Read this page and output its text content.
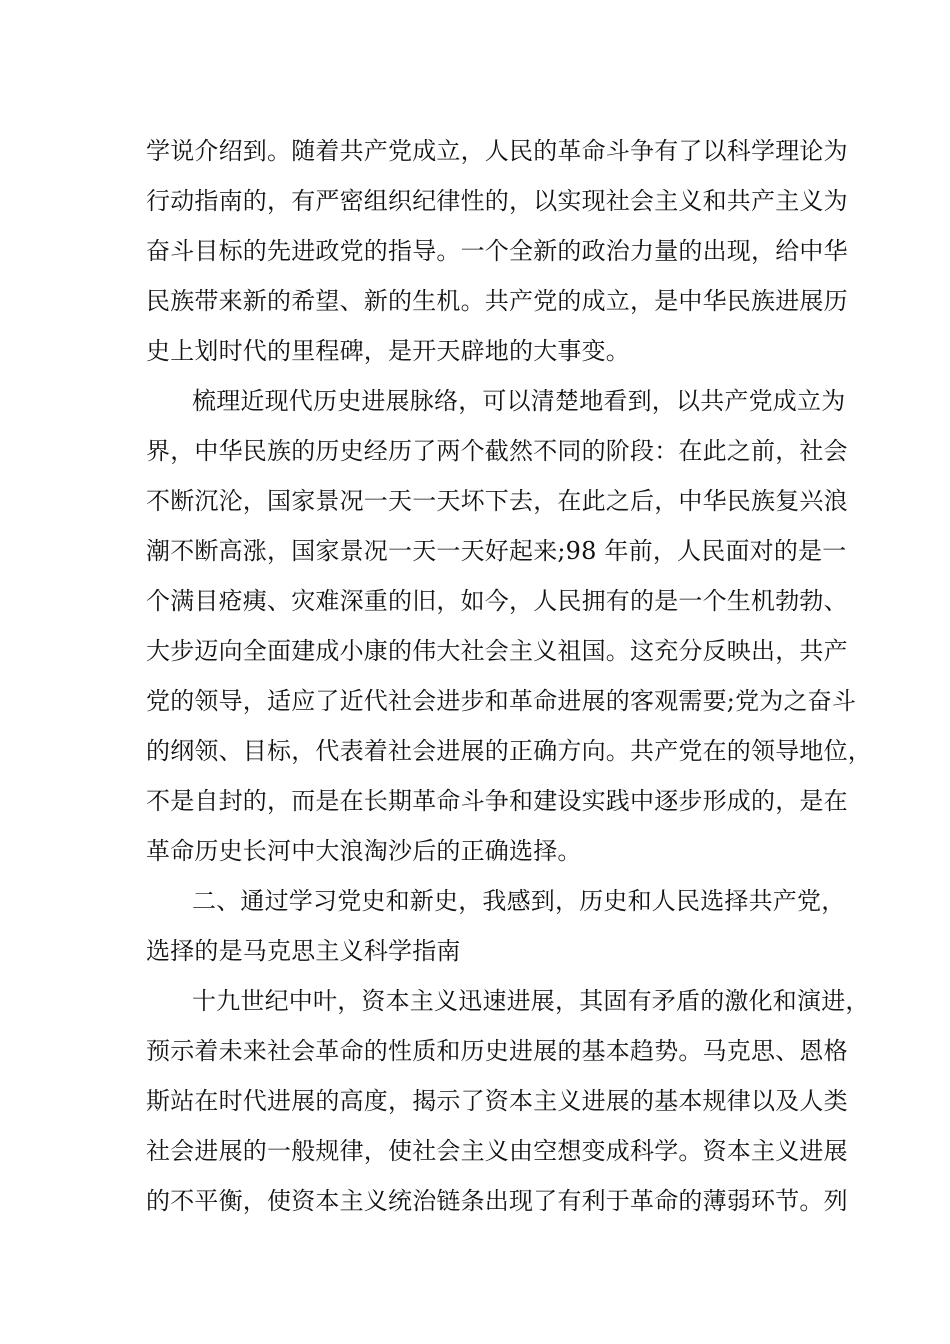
学说介绍到。随着共产党成立，人民的革命斗争有了以科学理论为
行动指南的，有严密组织纪律性的，以实现社会主义和共产主义为
奋斗目标的先进政党的指导。一个全新的政治力量的出现，给中华
民族带来新的希望、新的生机。共产党的成立，是中华民族进展历
史上划时代的里程碑，是开天辟地的大事变。
梳理近现代历史进展脉络，可以清楚地看到，以共产党成立为
界，中华民族的历史经历了两个截然不同的阶段：在此之前，社会
不断沉沦，国家景况一天一天坏下去，在此之后，中华民族复兴浪
潮不断高涨，国家景况一天一天好起来;98 年前，人民面对的是一
个满目疮痍、灾难深重的旧，如今，人民拥有的是一个生机勃勃、
大步迈向全面建成小康的伟大社会主义祖国。这充分反映出，共产
党的领导，适应了近代社会进步和革命进展的客观需要;党为之奋斗
的纲领、目标，代表着社会进展的正确方向。共产党在的领导地位，
不是自封的，而是在长期革命斗争和建设实践中逐步形成的，是在
革命历史长河中大浪淘沙后的正确选择。
二、通过学习党史和新史，我感到，历史和人民选择共产党，
选择的是马克思主义科学指南
十九世纪中叶，资本主义迅速进展，其固有矛盾的激化和演进，
预示着未来社会革命的性质和历史进展的基本趋势。马克思、恩格
斯站在时代进展的高度，揭示了资本主义进展的基本规律以及人类
社会进展的一般规律，使社会主义由空想变成科学。资本主义进展
的不平衡，使资本主义统治链条出现了有利于革命的薄弱环节。列
